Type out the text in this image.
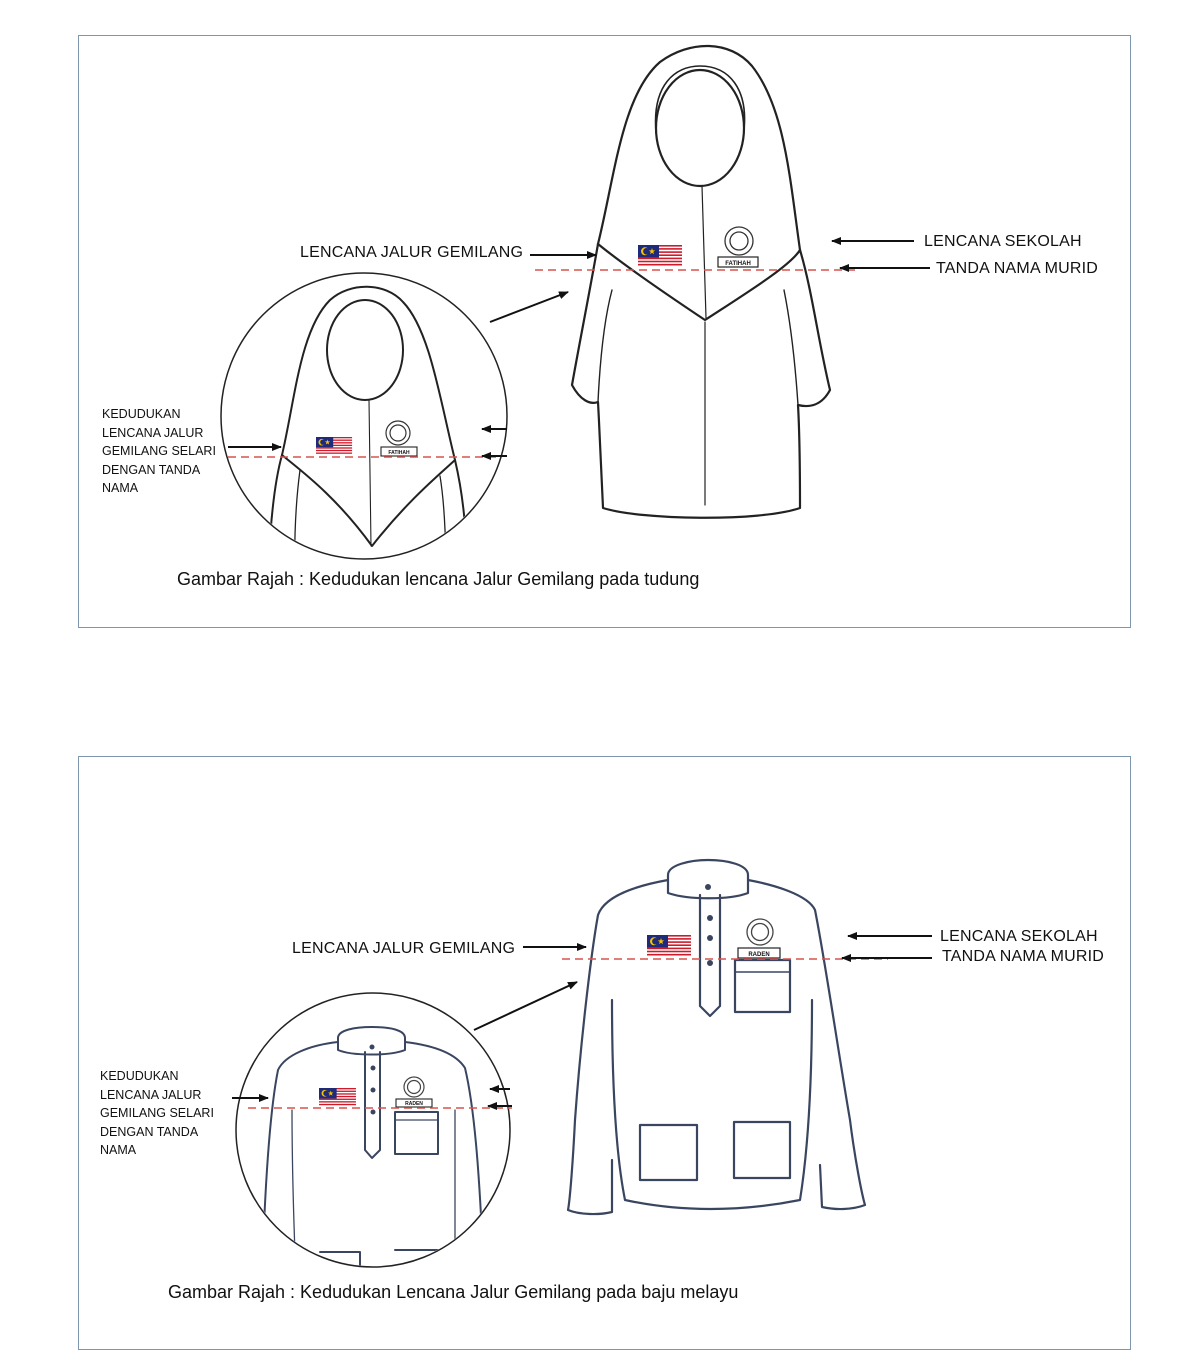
FATIHAH
FATIHAH
RADEN
RADEN
LENCANA JALUR GEMILANG
LENCANA SEKOLAH
TANDA NAMA MURID
KEDUDUKAN
LENCANA JALUR
GEMILANG SELARI
DENGAN TANDA
NAMA
Gambar Rajah : Kedudukan lencana Jalur Gemilang pada tudung
LENCANA JALUR GEMILANG
LENCANA SEKOLAH
TANDA NAMA MURID
KEDUDUKAN
LENCANA JALUR
GEMILANG SELARI
DENGAN TANDA
NAMA
Gambar Rajah : Kedudukan Lencana Jalur Gemilang pada baju melayu
